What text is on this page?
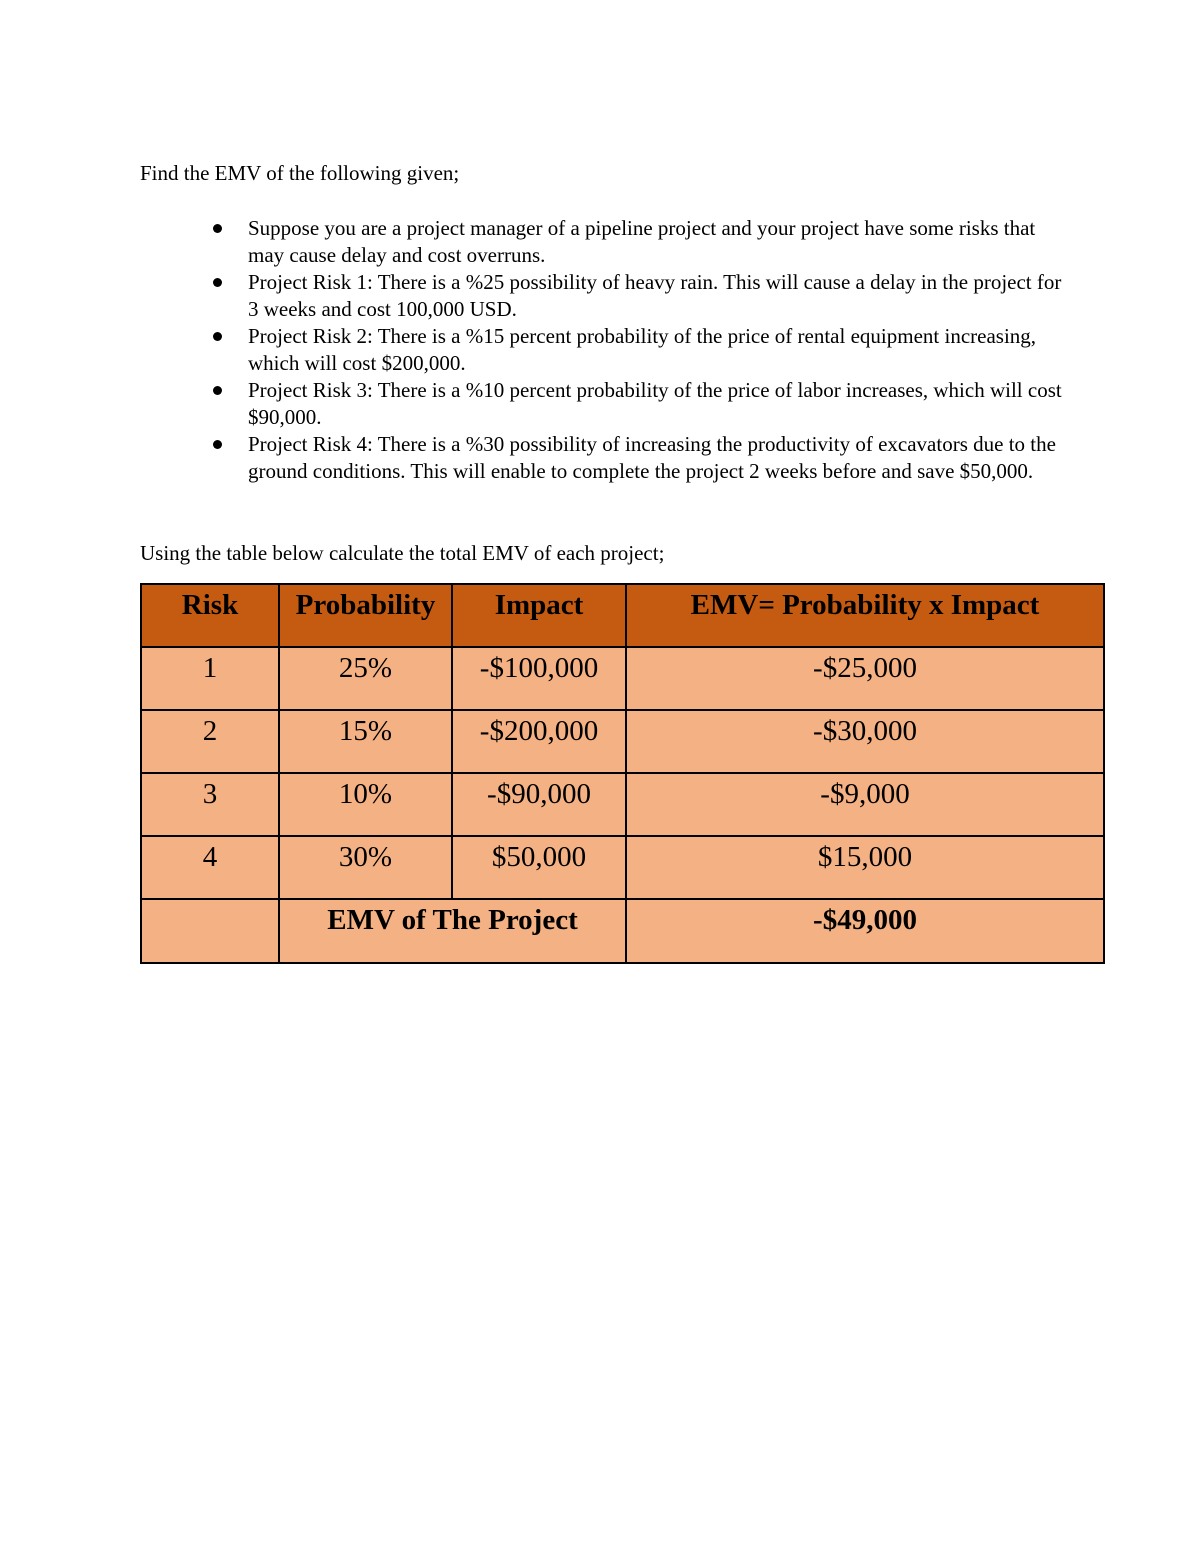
Find the EMV of the following given;

Suppose you are a project manager of a pipeline project and your project have some risks that may cause delay and cost overruns.
Project Risk 1: There is a %25 possibility of heavy rain. This will cause a delay in the project for 3 weeks and cost 100,000 USD.
Project Risk 2: There is a %15 percent probability of the price of rental equipment increasing, which will cost $200,000.
Project Risk 3: There is a %10 percent probability of the price of labor increases, which will cost $90,000.
Project Risk 4: There is a %30 possibility of increasing the productivity of excavators due to the ground conditions. This will enable to complete the project 2 weeks before and save $50,000.

Using the table below calculate the total EMV of each project;

Risk	Probability	Impact	EMV= Probability x Impact
1	25%	-$100,000	-$25,000
2	15%	-$200,000	-$30,000
3	10%	-$90,000	-$9,000
4	30%	$50,000	$15,000
	EMV of The Project		-$49,000
